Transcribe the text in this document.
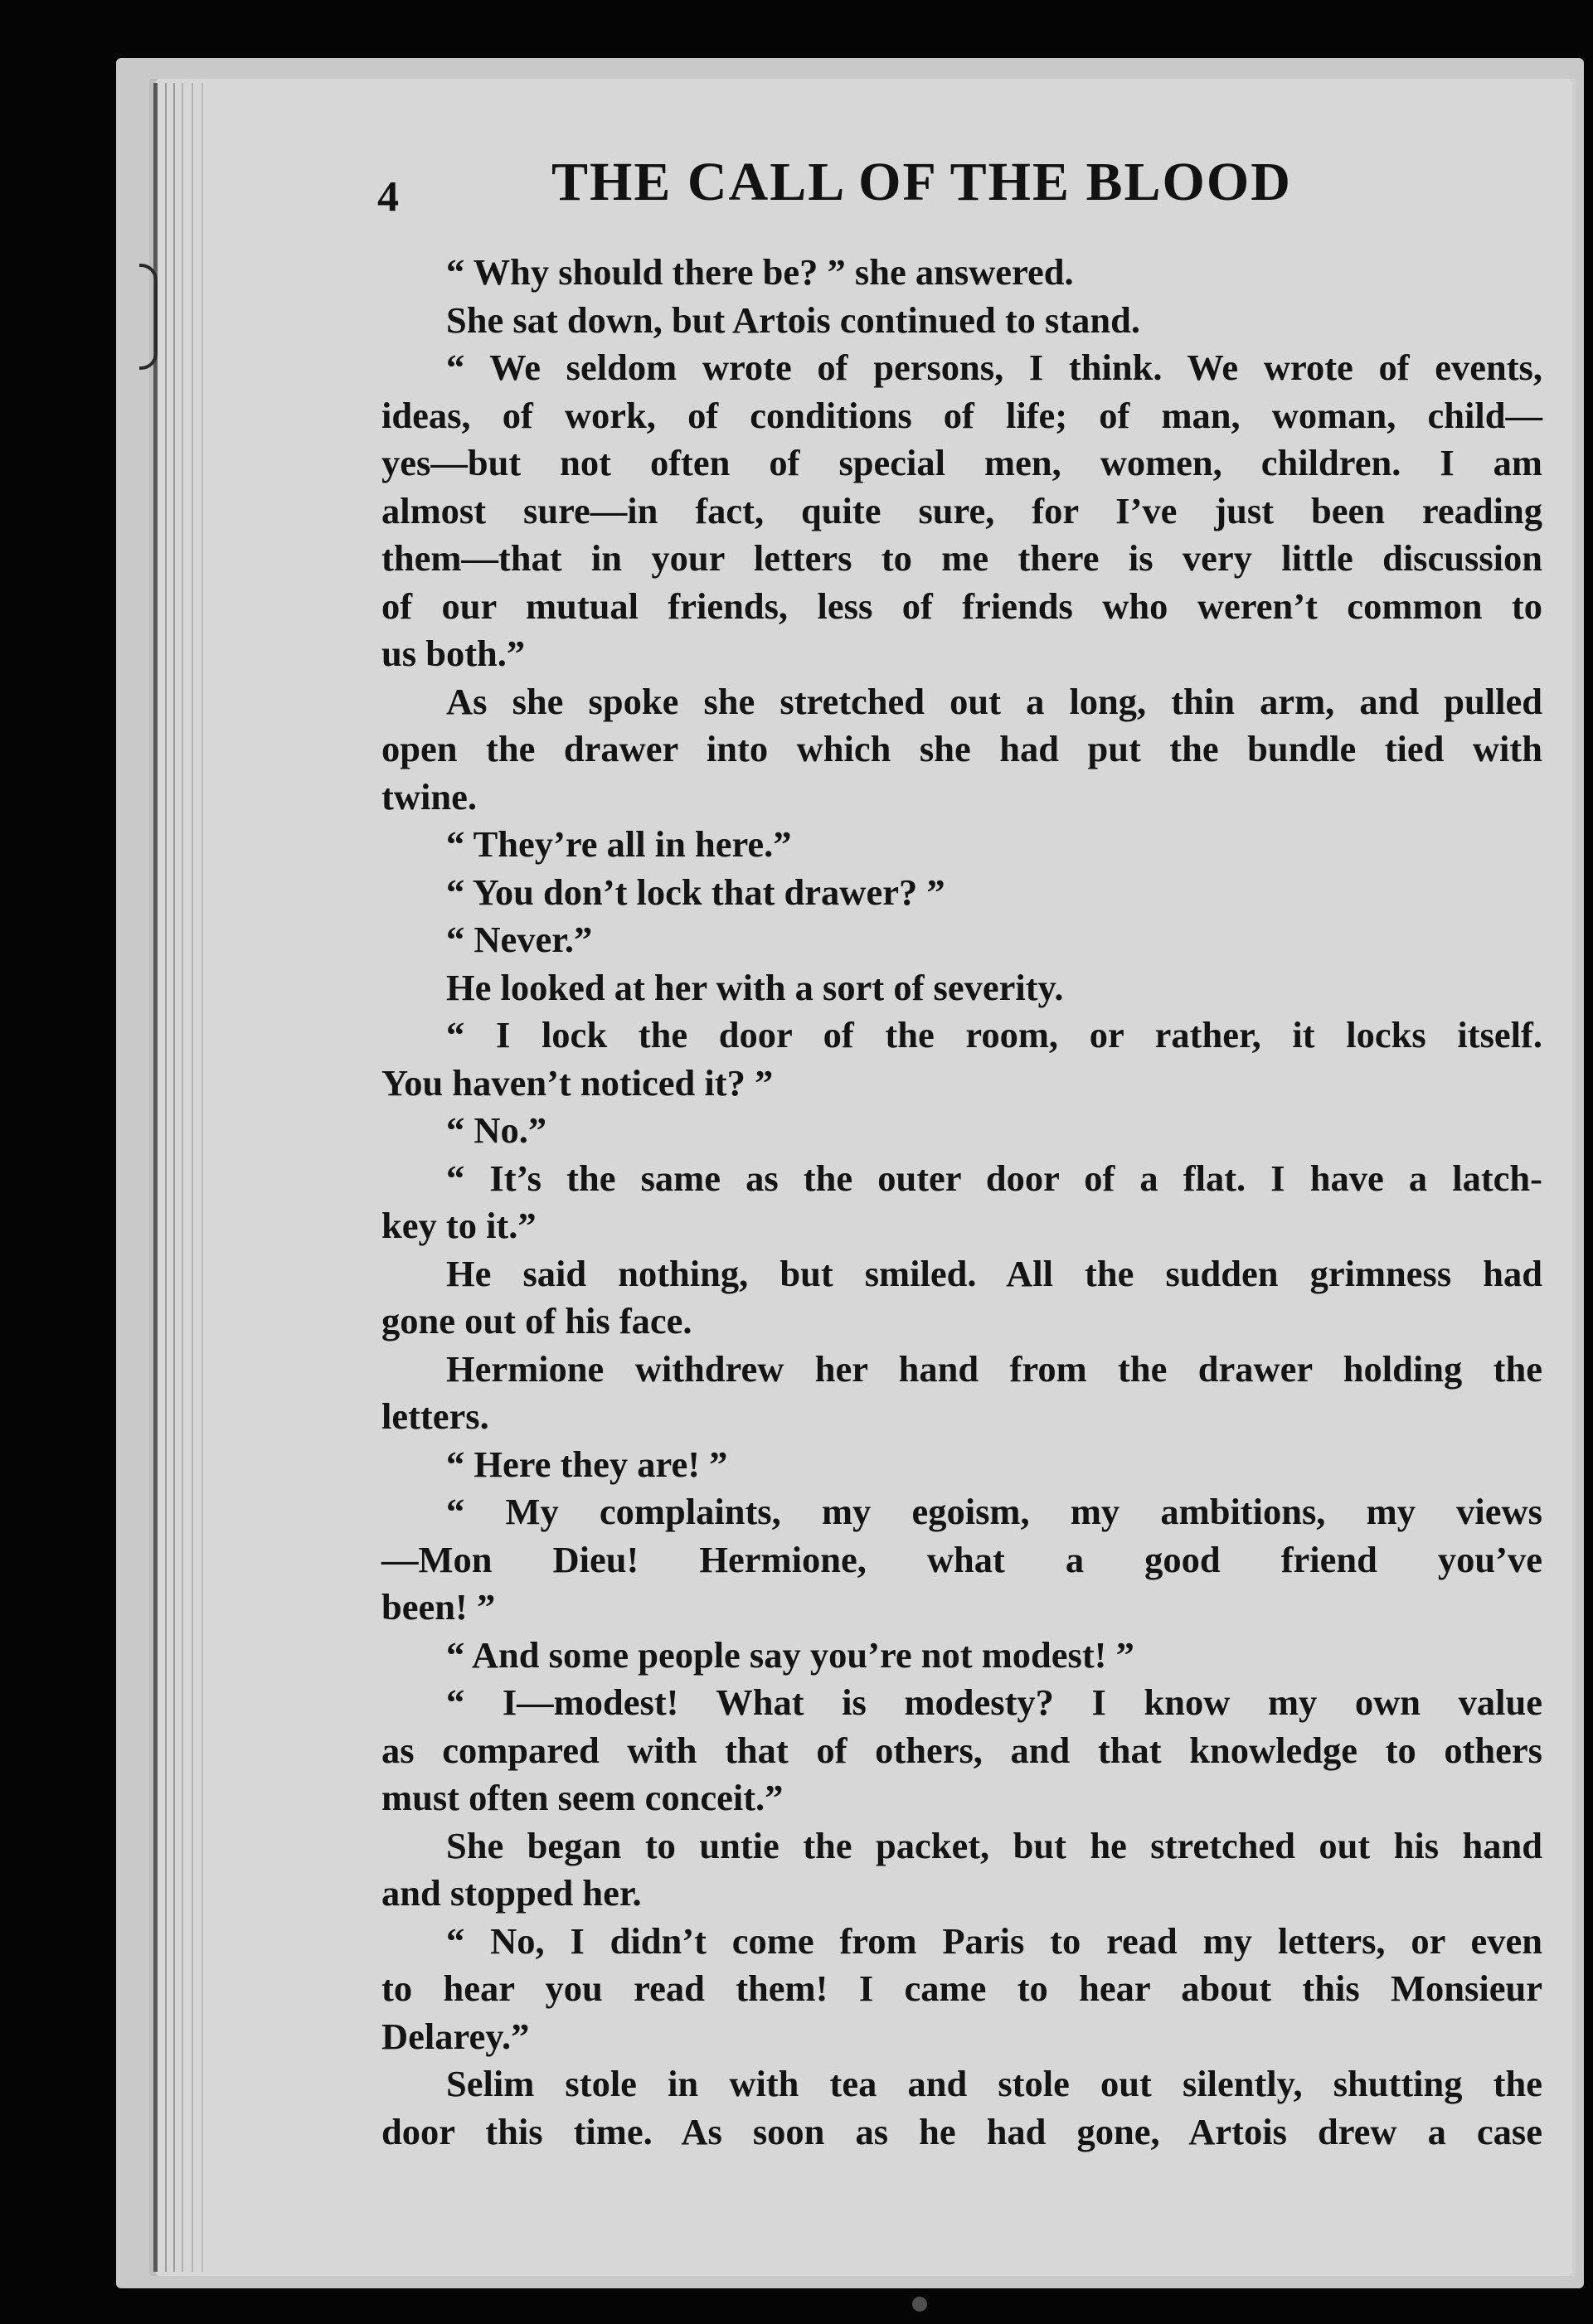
4	THE CALL OF THE BLOOD
“ Why should there be? ” she answered.
She sat down, but Artois continued to stand.
“ We seldom wrote of persons, I think. We wrote of events,
ideas, of work, of conditions of life; of man, woman, child—
yes—but not often of special men, women, children. I am
almost sure—in fact, quite sure, for I’ve just been reading
them—that in your letters to me there is very little discussion
of our mutual friends, less of friends who weren’t common to
us both.”
As she spoke she stretched out a long, thin arm, and pulled
open the drawer into which she had put the bundle tied with
twine.
“ They’re all in here.”
“ You don’t lock that drawer? ”
“ Never.”
He looked at her with a sort of severity.
“ I lock the door of the room, or rather, it locks itself.
You haven’t noticed it? ”
“ No.”
“ It’s the same as the outer door of a flat. I have a latch-
key to it.”
He said nothing, but smiled. All the sudden grimness had
gone out of his face.
Hermione withdrew her hand from the drawer holding the
letters.
“ Here they are! ”
“ My complaints, my egoism, my ambitions, my views
—Mon Dieu! Hermione, what a good friend you’ve
been! ”
“ And some people say you’re not modest! ”
“ I—modest! What is modesty? I know my own value
as compared with that of others, and that knowledge to others
must often seem conceit.”
She began to untie the packet, but he stretched out his hand
and stopped her.
“ No, I didn’t come from Paris to read my letters, or even
to hear you read them! I came to hear about this Monsieur
Delarey.”
Selim stole in with tea and stole out silently, shutting the
door this time. As soon as he had gone, Artois drew a case
